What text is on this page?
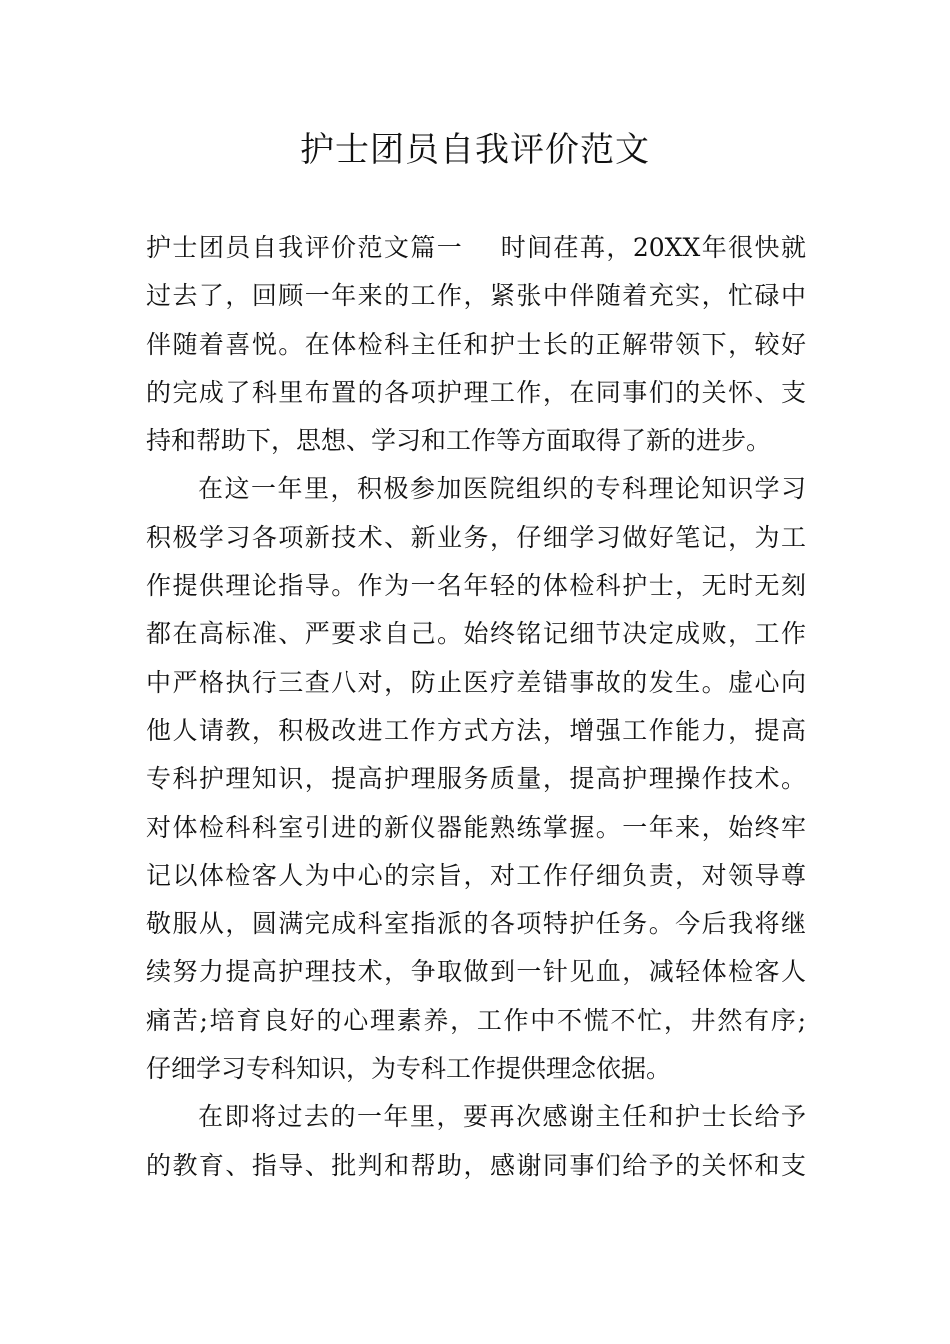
护士团员自我评价范文
护士团员自我评价范文篇一    时间荏苒，20XX年很快就
过去了，回顾一年来的工作，紧张中伴随着充实，忙碌中
伴随着喜悦。在体检科主任和护士长的正解带领下，较好
的完成了科里布置的各项护理工作，在同事们的关怀、支
持和帮助下，思想、学习和工作等方面取得了新的进步。
在这一年里，积极参加医院组织的专科理论知识学习
积极学习各项新技术、新业务，仔细学习做好笔记，为工
作提供理论指导。作为一名年轻的体检科护士，无时无刻
都在高标准、严要求自己。始终铭记细节决定成败，工作
中严格执行三查八对，防止医疗差错事故的发生。虚心向
他人请教，积极改进工作方式方法，增强工作能力，提高
专科护理知识，提高护理服务质量，提高护理操作技术。
对体检科科室引进的新仪器能熟练掌握。一年来，始终牢
记以体检客人为中心的宗旨，对工作仔细负责，对领导尊
敬服从，圆满完成科室指派的各项特护任务。今后我将继
续努力提高护理技术，争取做到一针见血，减轻体检客人
痛苦;培育良好的心理素养，工作中不慌不忙，井然有序;
仔细学习专科知识，为专科工作提供理念依据。
在即将过去的一年里，要再次感谢主任和护士长给予
的教育、指导、批判和帮助，感谢同事们给予的关怀和支
